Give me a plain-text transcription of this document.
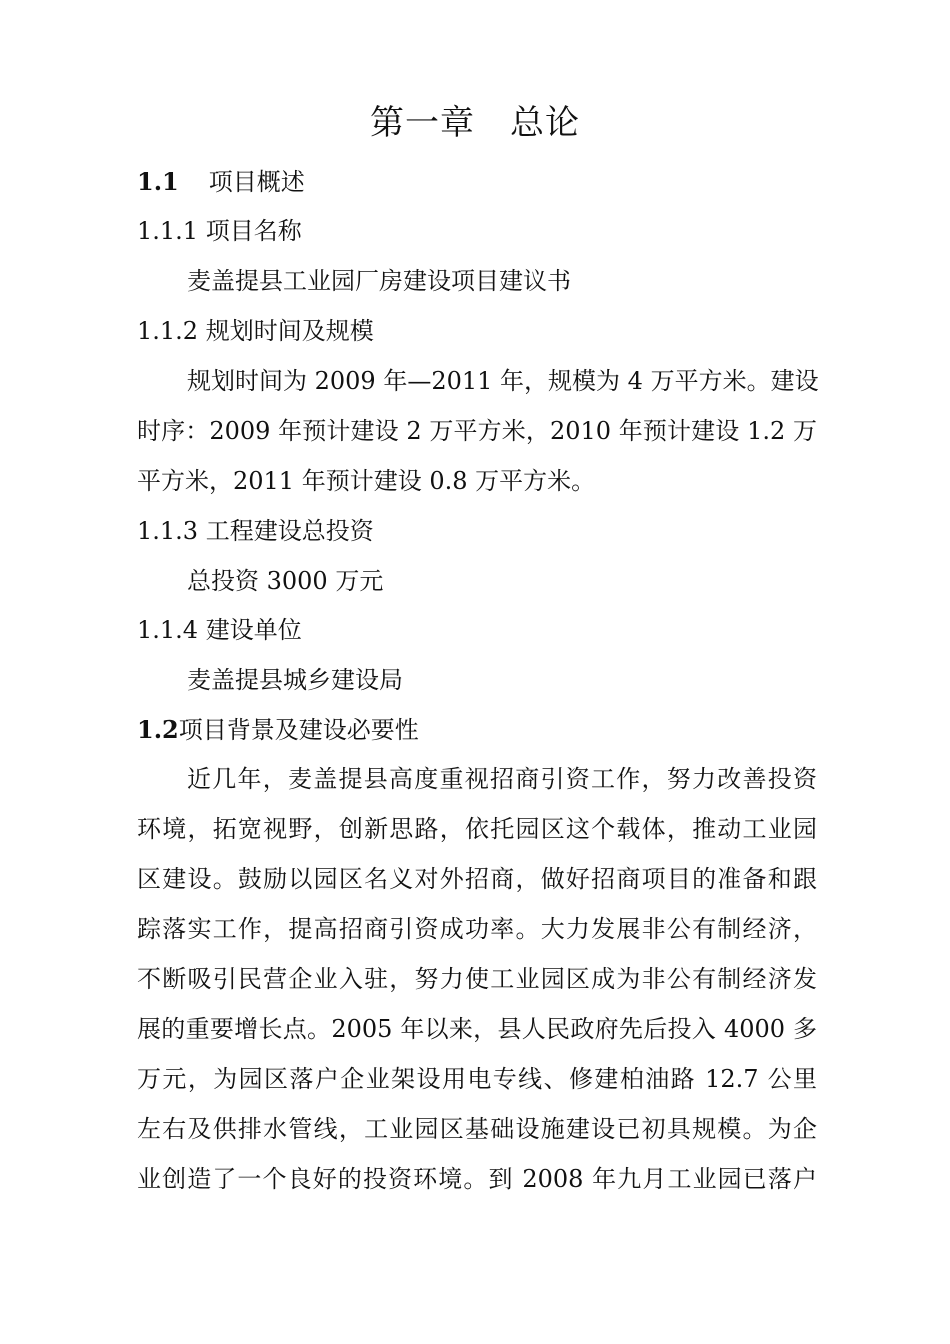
第一章　总论
1.1 项目概述
1.1.1 项目名称
麦盖提县工业园厂房建设项目建议书
1.1.2 规划时间及规模
规划时间为 2009 年—2011 年，规模为 4 万平方米。建设
时序：2009 年预计建设 2 万平方米，2010 年预计建设 1.2 万
平方米，2011 年预计建设 0.8 万平方米。
1.1.3 工程建设总投资
总投资 3000 万元
1.1.4 建设单位
麦盖提县城乡建设局
1.2项目背景及建设必要性
近几年，麦盖提县高度重视招商引资工作，努力改善投资
环境，拓宽视野，创新思路，依托园区这个载体，推动工业园
区建设。鼓励以园区名义对外招商，做好招商项目的准备和跟
踪落实工作，提高招商引资成功率。大力发展非公有制经济，
不断吸引民营企业入驻，努力使工业园区成为非公有制经济发
展的重要增长点。2005 年以来，县人民政府先后投入 4000 多
万元，为园区落户企业架设用电专线、修建柏油路 12.7 公里
左右及供排水管线，工业园区基础设施建设已初具规模。为企
业创造了一个良好的投资环境。到 2008 年九月工业园已落户
